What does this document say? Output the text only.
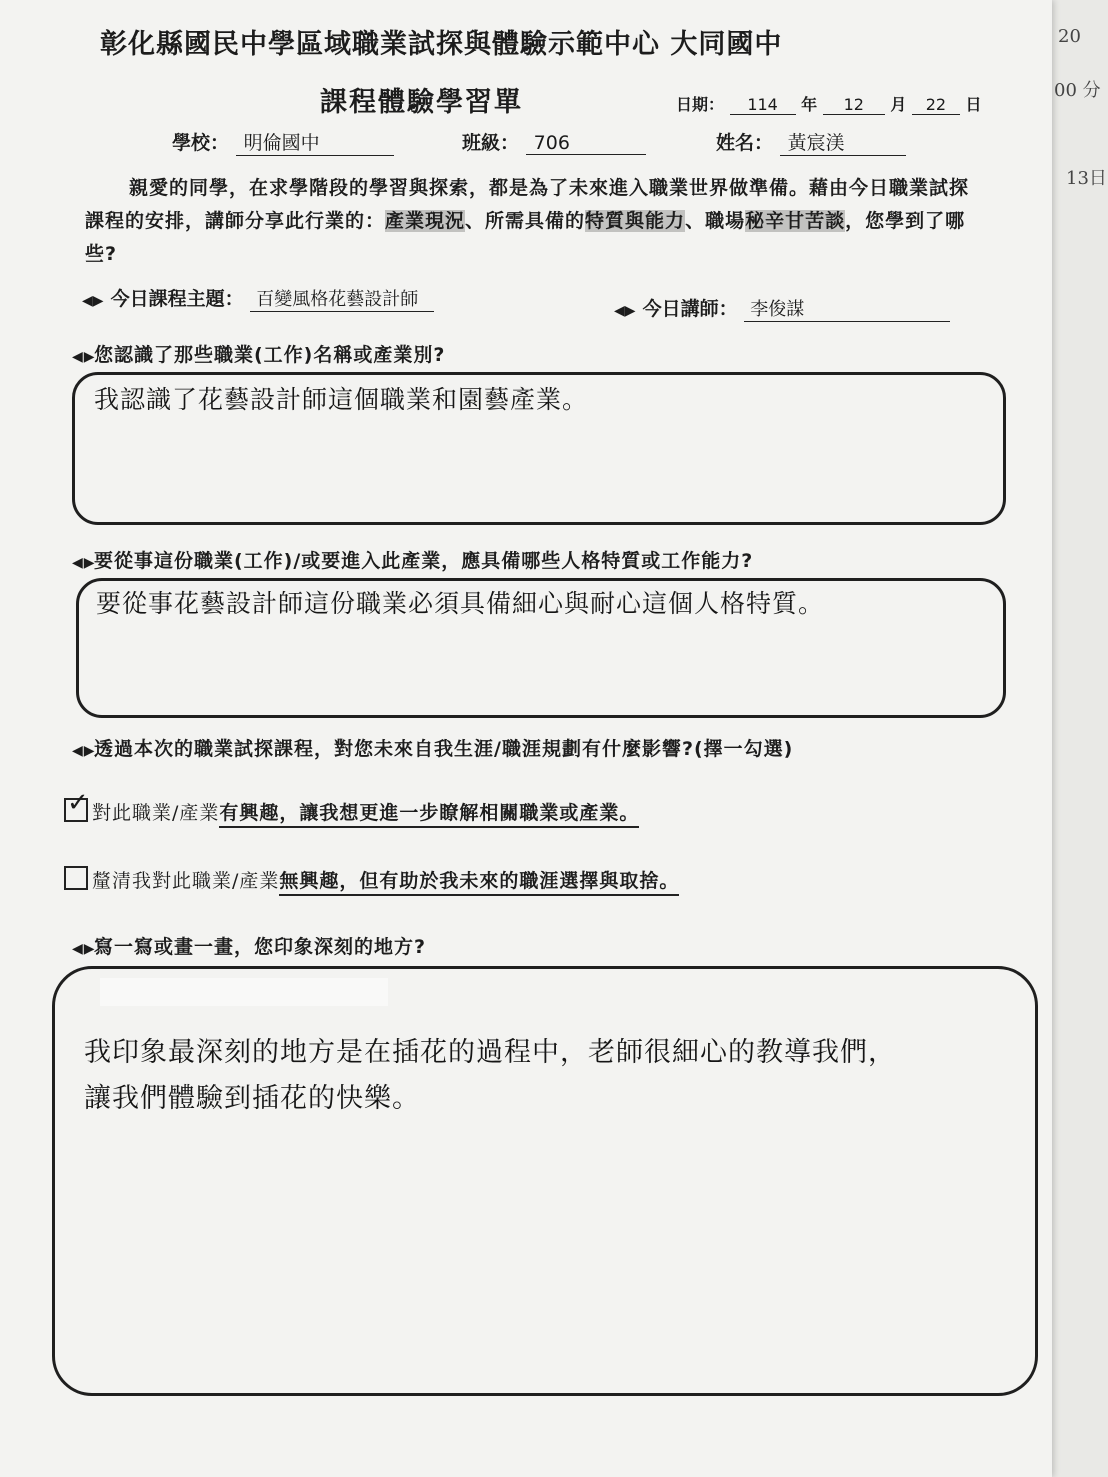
20
00 分
13日
彰化縣國民中學區域職業試探與體驗示範中心 大同國中
課程體驗學習單	日期： 114 年 12 月 22 日
學校： 明倫國中	班級： 706	姓名： 黃宸渼
親愛的同學，在求學階段的學習與探索，都是為了未來進入職業世界做準備。藉由今日職業試探課程的安排，講師分享此行業的：產業現況、所需具備的特質與能力、職場秘辛甘苦談，您學到了哪些?
◀▶ 今日課程主題： 百變風格花藝設計師
◀▶ 今日講師： 李俊謀
◀▶您認識了那些職業(工作)名稱或產業別?
我認識了花藝設計師這個職業和園藝產業。
◀▶要從事這份職業(工作)/或要進入此產業，應具備哪些人格特質或工作能力?
要從事花藝設計師這份職業必須具備細心與耐心這個人格特質。
◀▶透過本次的職業試探課程，對您未來自我生涯/職涯規劃有什麼影響?(擇一勾選)
✓ 對此職業/產業有興趣，讓我想更進一步瞭解相關職業或產業。
釐清我對此職業/產業無興趣，但有助於我未來的職涯選擇與取捨。
◀▶寫一寫或畫一畫，您印象深刻的地方?
我印象最深刻的地方是在插花的過程中，老師很細心的教導我們，
讓我們體驗到插花的快樂。
